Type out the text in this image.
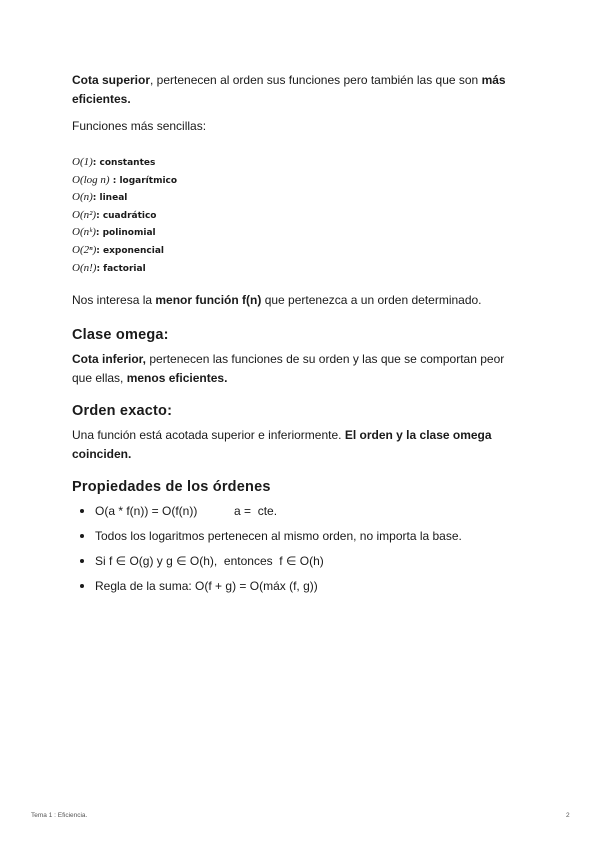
Cota superior, pertenecen al orden sus funciones pero también las que son más eficientes.

Funciones más sencillas:

O(1): constantes
O(log n) : logarítmico
O(n): lineal
O(n²): cuadrático
O(nᵏ): polinomial
O(2ⁿ): exponencial
O(n!): factorial

Nos interesa la menor función f(n) que pertenezca a un orden determinado.

Clase omega:

Cota inferior, pertenecen las funciones de su orden y las que se comportan peor que ellas, menos eficientes.

Orden exacto:

Una función está acotada superior e inferiormente. El orden y la clase omega coinciden.

Propiedades de los órdenes
O(a * f(n)) = O(f(n))           a =  cte.
Todos los logaritmos pertenecen al mismo orden, no importa la base.
Si f ∈ O(g) y g ∈ O(h),  entonces  f ∈ O(h)
Regla de la suma: O(f + g) = O(máx (f, g))
Tema 1 : Eficiencia.	2
